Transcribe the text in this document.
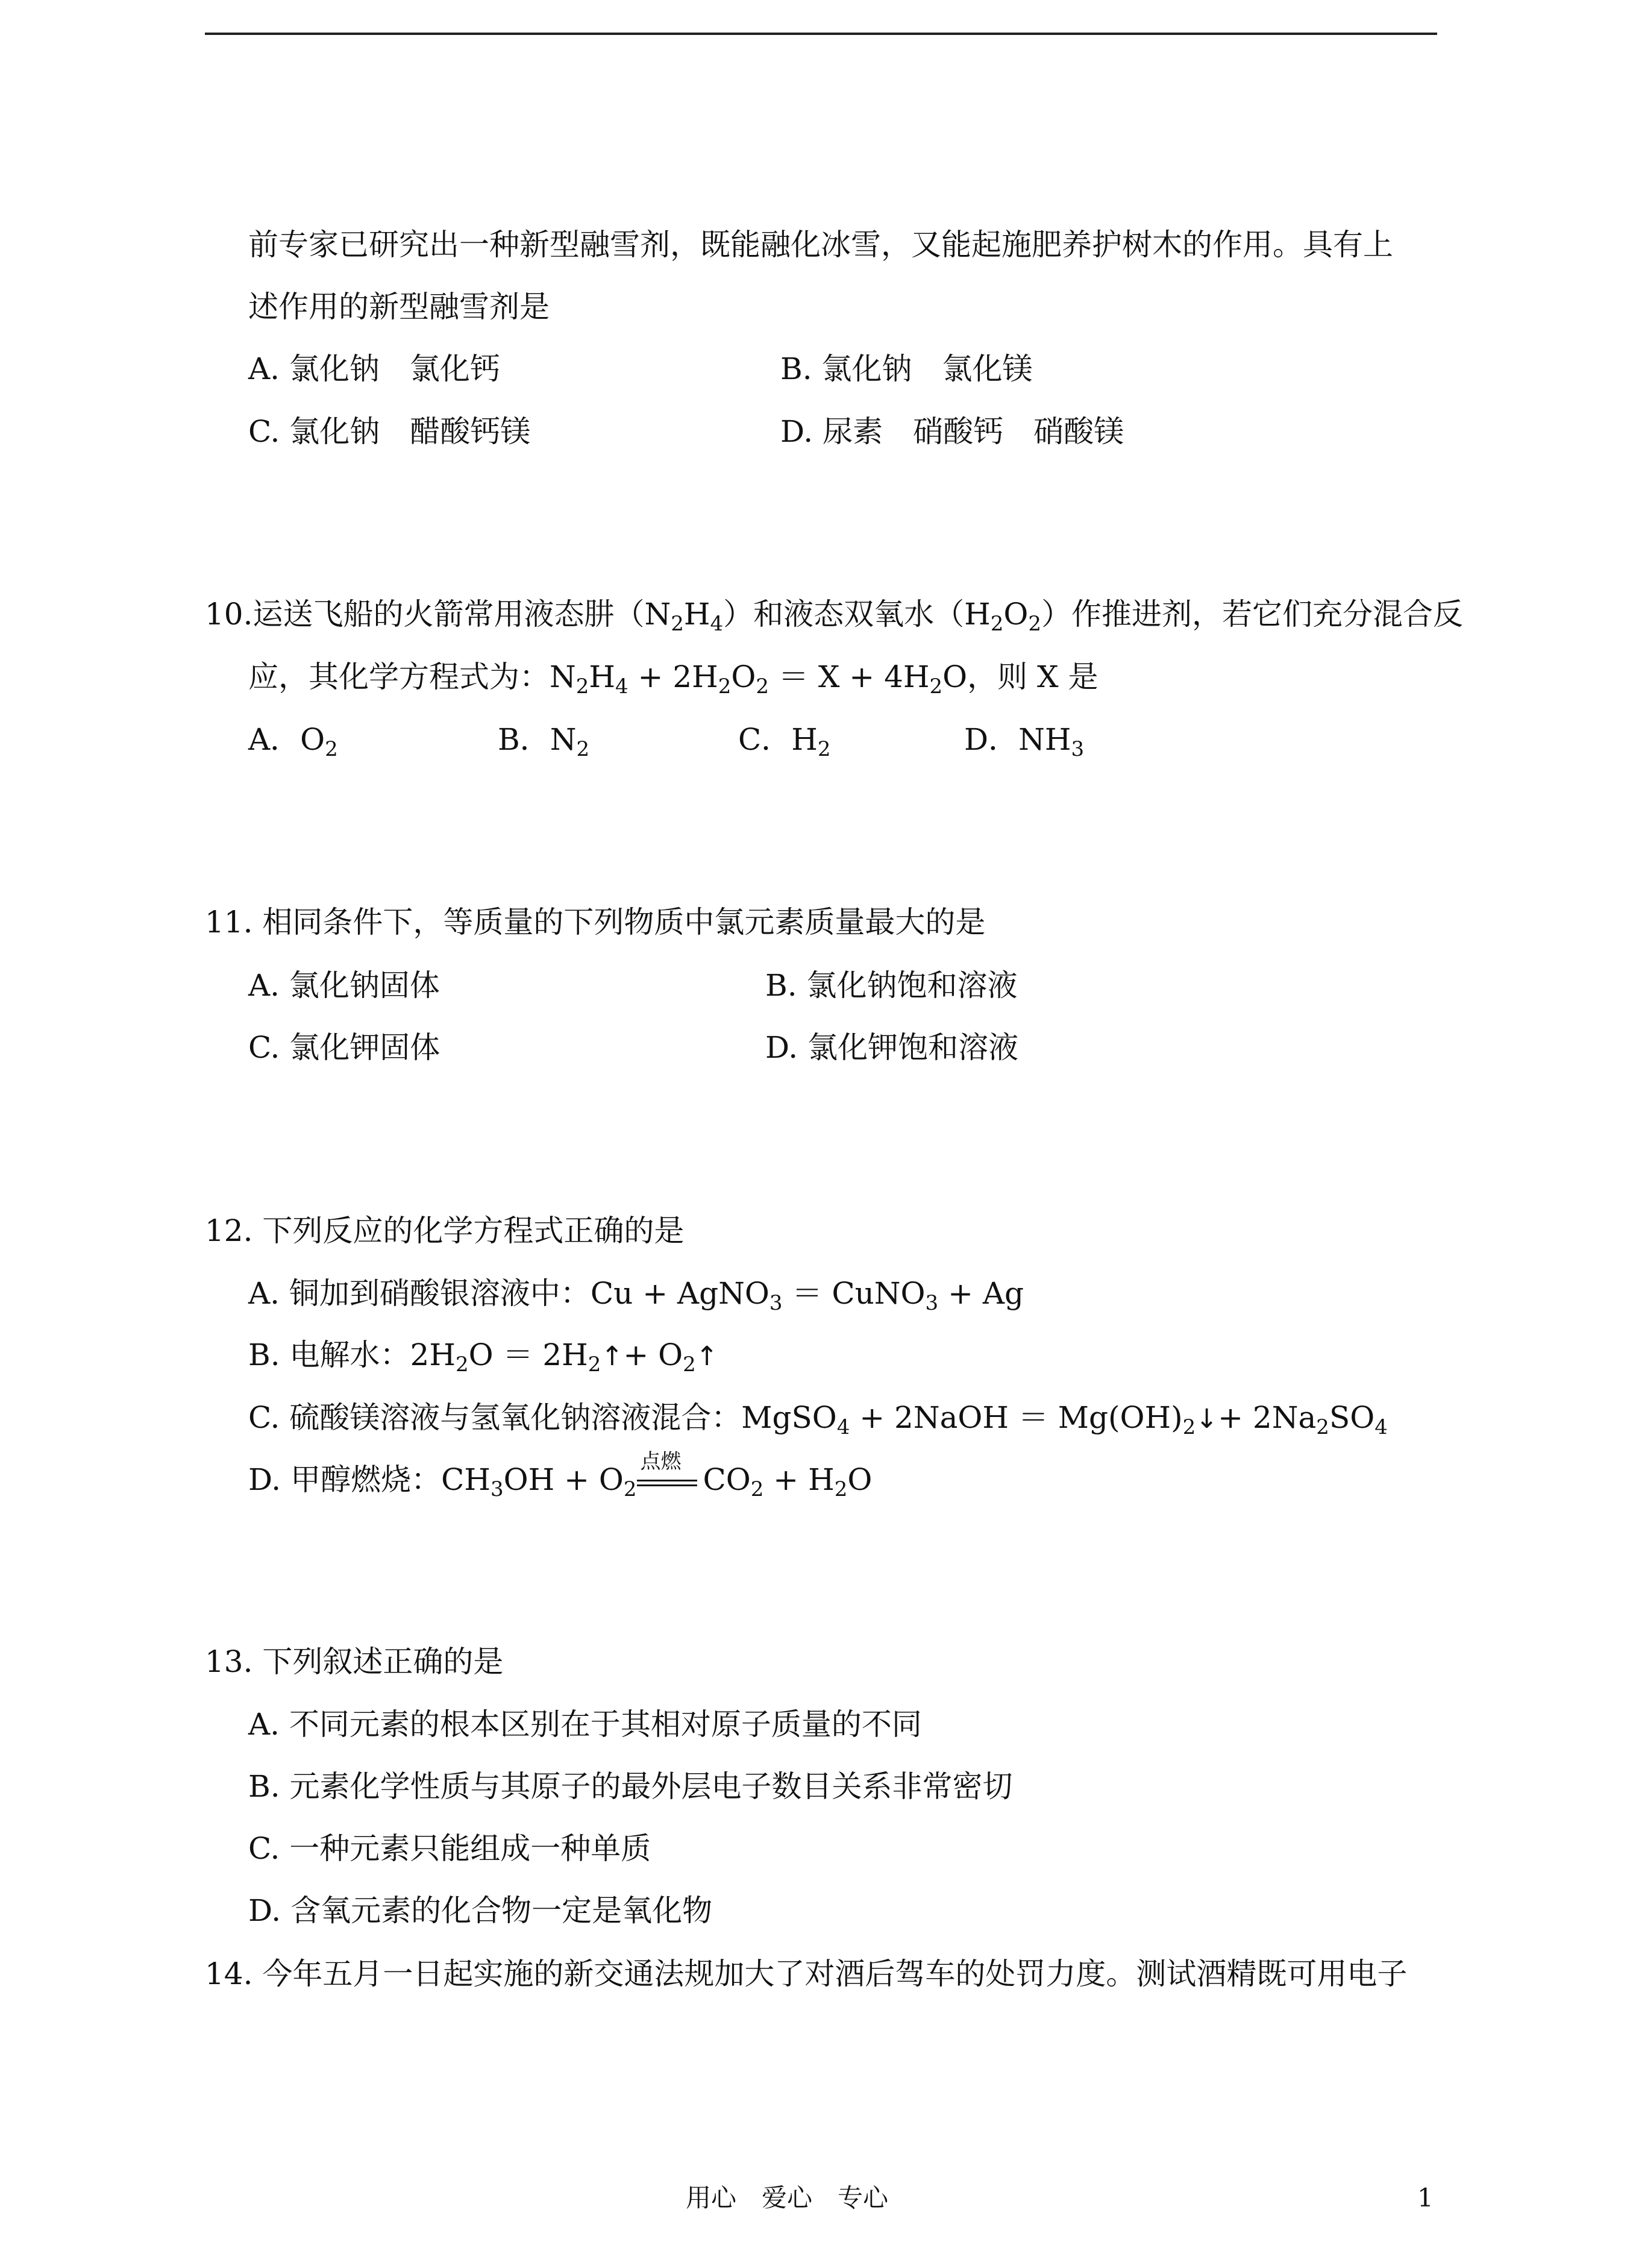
前专家已研究出一种新型融雪剂，既能融化冰雪，又能起施肥养护树木的作用。具有上
述作用的新型融雪剂是
A. 氯化钠　氯化钙	B. 氯化钠　氯化镁
C. 氯化钠　醋酸钙镁	D. 尿素　硝酸钙　硝酸镁
10.运送飞船的火箭常用液态肼$(N_2H_4)$和液态双氧水$(H_2O_2)$作推进剂，若它们充分混合反
应，其化学方程式为：$N_2H_4 + 2H_2O_2 = X + 4H_2O$，则 X 是
A．$O_2$	B．$N_2$	C．$H_2$	D．$NH_3$
11. 相同条件下，等质量的下列物质中氯元素质量最大的是
A. 氯化钠固体	B. 氯化钠饱和溶液
C. 氯化钾固体	D. 氯化钾饱和溶液
12. 下列反应的化学方程式正确的是
A. 铜加到硝酸银溶液中：Cu + AgNO$_3$ ＝ CuNO$_3$ + Ag
B. 电解水：$2H_2O$ ＝ $2H_2↑+$ $O_2↑$
C. 硫酸镁溶液与氢氧化钠溶液混合：MgSO$_4$ + 2NaOH ＝ $Mg(OH)_2↓+ 2Na_2SO_4$
D. 甲醇燃烧：$CH_3OH + O_2$
点燃
$CO_2 + H_2O$
13. 下列叙述正确的是
A. 不同元素的根本区别在于其相对原子质量的不同
B. 元素化学性质与其原子的最外层电子数目关系非常密切
C. 一种元素只能组成一种单质
D. 含氧元素的化合物一定是氧化物
14. 今年五月一日起实施的新交通法规加大了对酒后驾车的处罚力度。测试酒精既可用电子
用心　爱心　专心	1
